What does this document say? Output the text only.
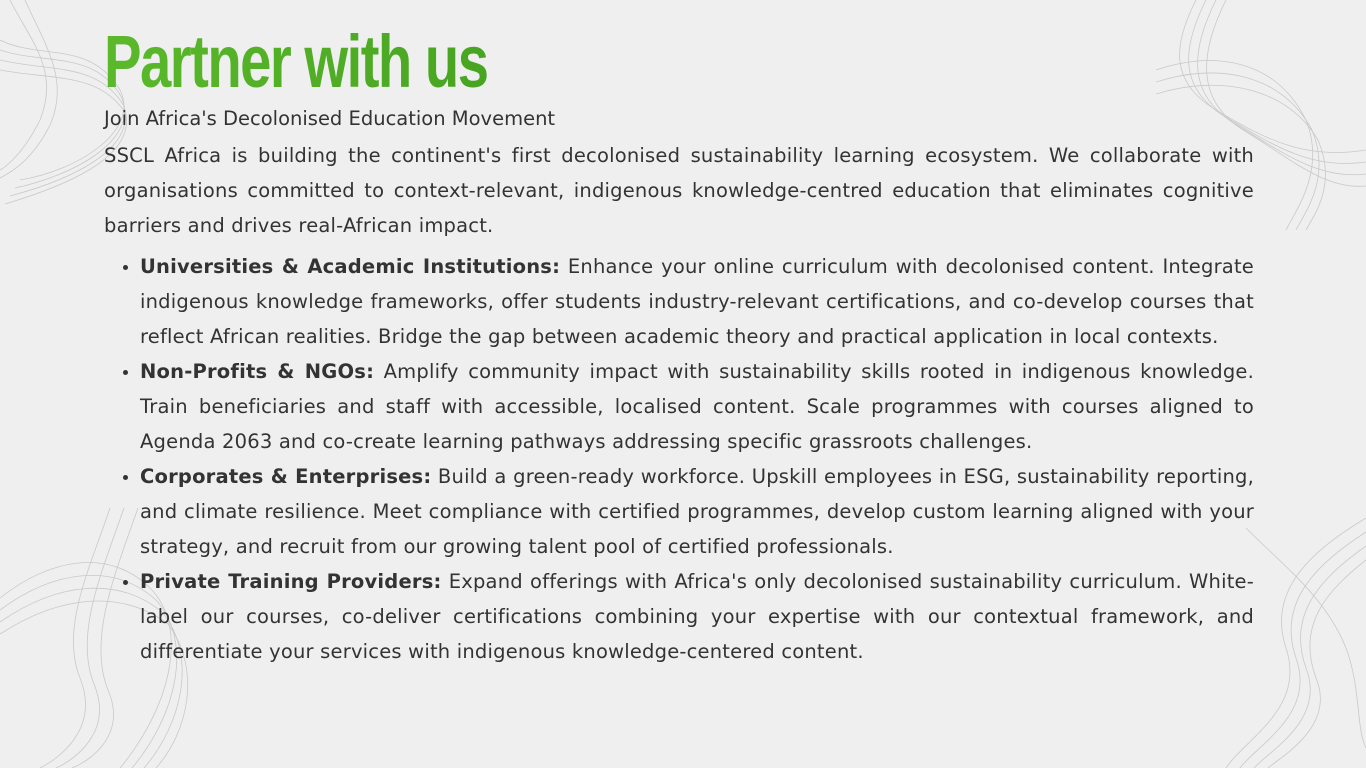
Partner with us

Join Africa's Decolonised Education Movement

SSCL Africa is building the continent's first decolonised sustainability learning ecosystem. We collaborate with organisations committed to context-relevant, indigenous knowledge-centred education that eliminates cognitive barriers and drives real-African impact.

• Universities & Academic Institutions: Enhance your online curriculum with decolonised content. Integrate indigenous knowledge frameworks, offer students industry-relevant certifications, and co-develop courses that reflect African realities. Bridge the gap between academic theory and practical application in local contexts.
• Non-Profits & NGOs: Amplify community impact with sustainability skills rooted in indigenous knowledge. Train beneficiaries and staff with accessible, localised content. Scale programmes with courses aligned to Agenda 2063 and co-create learning pathways addressing specific grassroots challenges.
• Corporates & Enterprises: Build a green-ready workforce. Upskill employees in ESG, sustainability reporting, and climate resilience. Meet compliance with certified programmes, develop custom learning aligned with your strategy, and recruit from our growing talent pool of certified professionals.
• Private Training Providers: Expand offerings with Africa's only decolonised sustainability curriculum. White-label our courses, co-deliver certifications combining your expertise with our contextual framework, and differentiate your services with indigenous knowledge-centered content.
